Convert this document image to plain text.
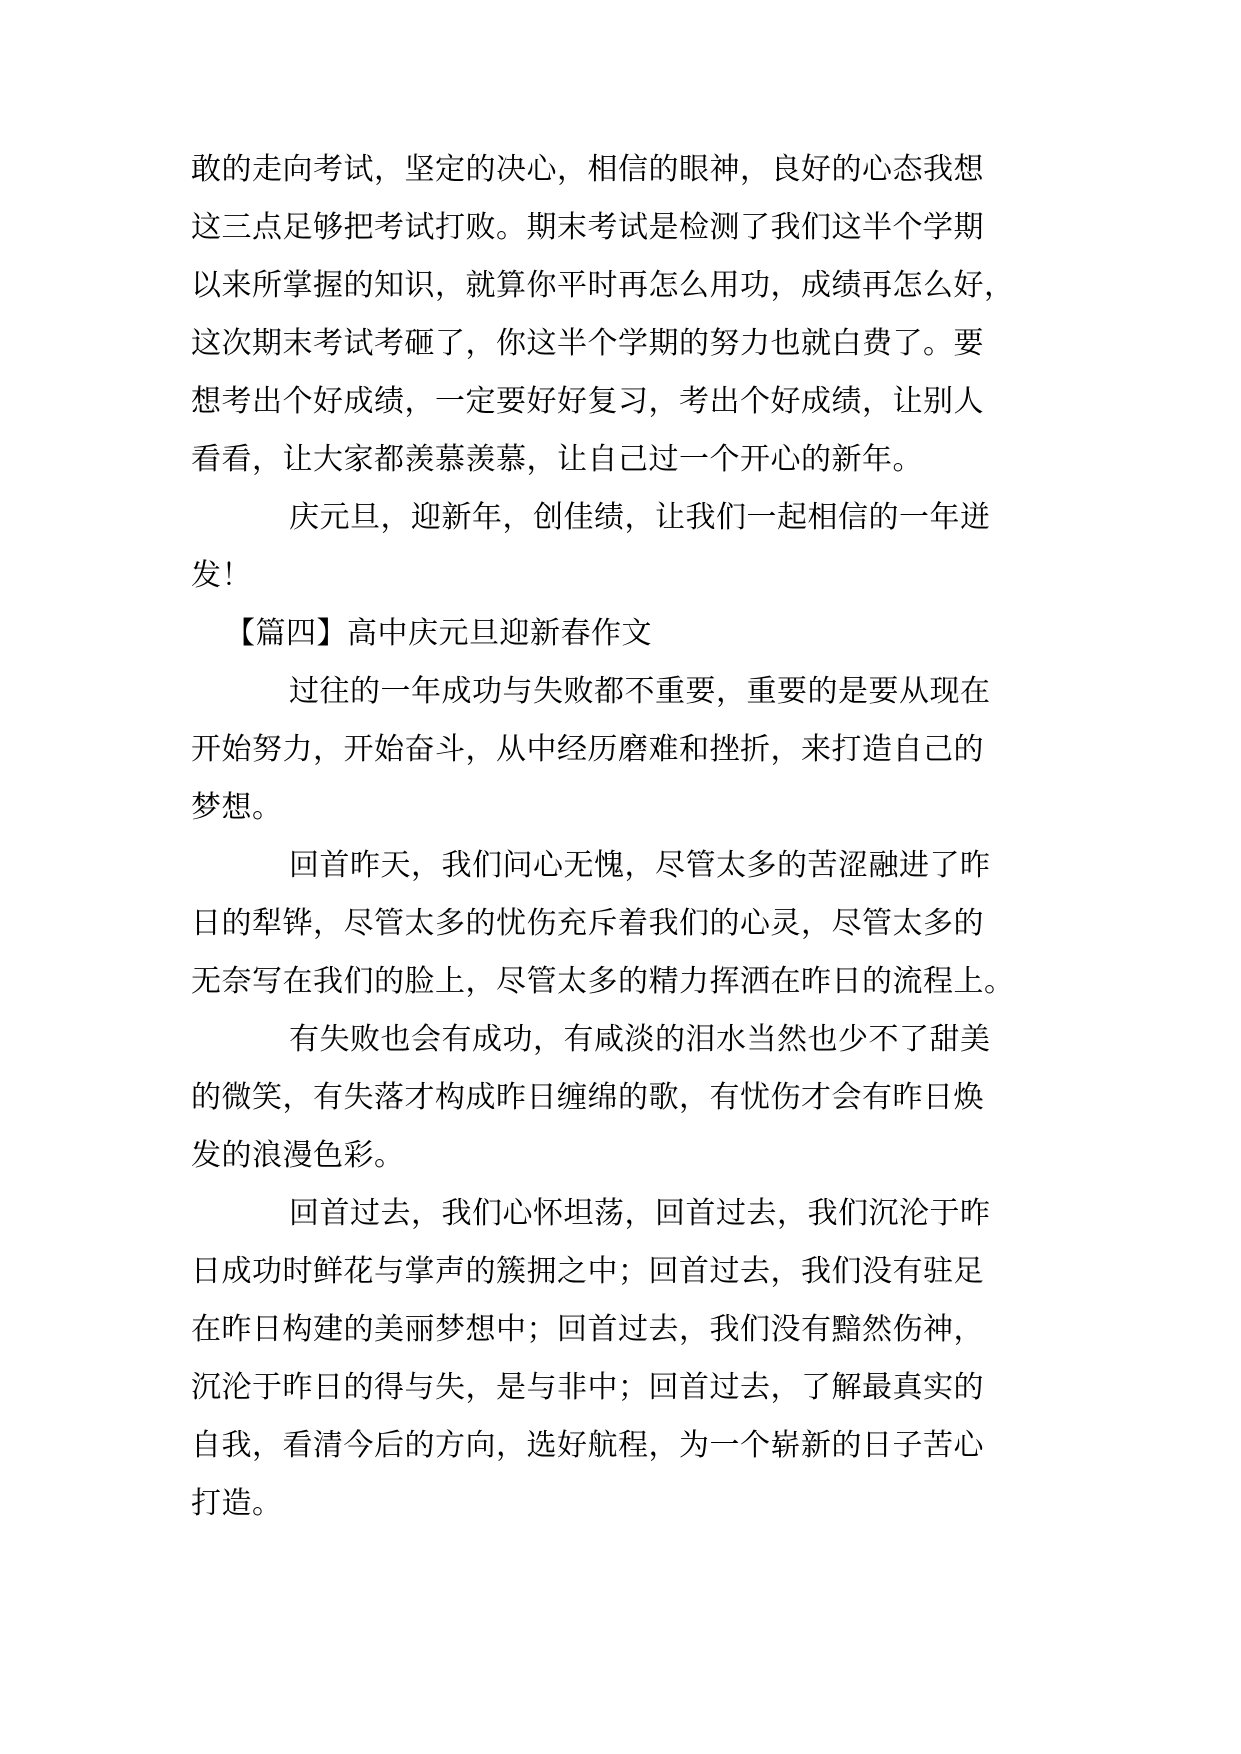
敢的走向考试，坚定的决心，相信的眼神，良好的心态我想
这三点足够把考试打败。期末考试是检测了我们这半个学期
以来所掌握的知识，就算你平时再怎么用功，成绩再怎么好，
这次期末考试考砸了，你这半个学期的努力也就白费了。要
想考出个好成绩，一定要好好复习，考出个好成绩，让别人
看看，让大家都羡慕羡慕，让自己过一个开心的新年。
庆元旦，迎新年，创佳绩，让我们一起相信的一年迸
发！
【篇四】高中庆元旦迎新春作文
过往的一年成功与失败都不重要，重要的是要从现在
开始努力，开始奋斗，从中经历磨难和挫折，来打造自己的
梦想。
回首昨天，我们问心无愧，尽管太多的苦涩融进了昨
日的犁铧，尽管太多的忧伤充斥着我们的心灵，尽管太多的
无奈写在我们的脸上，尽管太多的精力挥洒在昨日的流程上。
有失败也会有成功，有咸淡的泪水当然也少不了甜美
的微笑，有失落才构成昨日缠绵的歌，有忧伤才会有昨日焕
发的浪漫色彩。
回首过去，我们心怀坦荡，回首过去，我们沉沦于昨
日成功时鲜花与掌声的簇拥之中；回首过去，我们没有驻足
在昨日构建的美丽梦想中；回首过去，我们没有黯然伤神，
沉沦于昨日的得与失，是与非中；回首过去，了解最真实的
自我，看清今后的方向，选好航程，为一个崭新的日子苦心
打造。
